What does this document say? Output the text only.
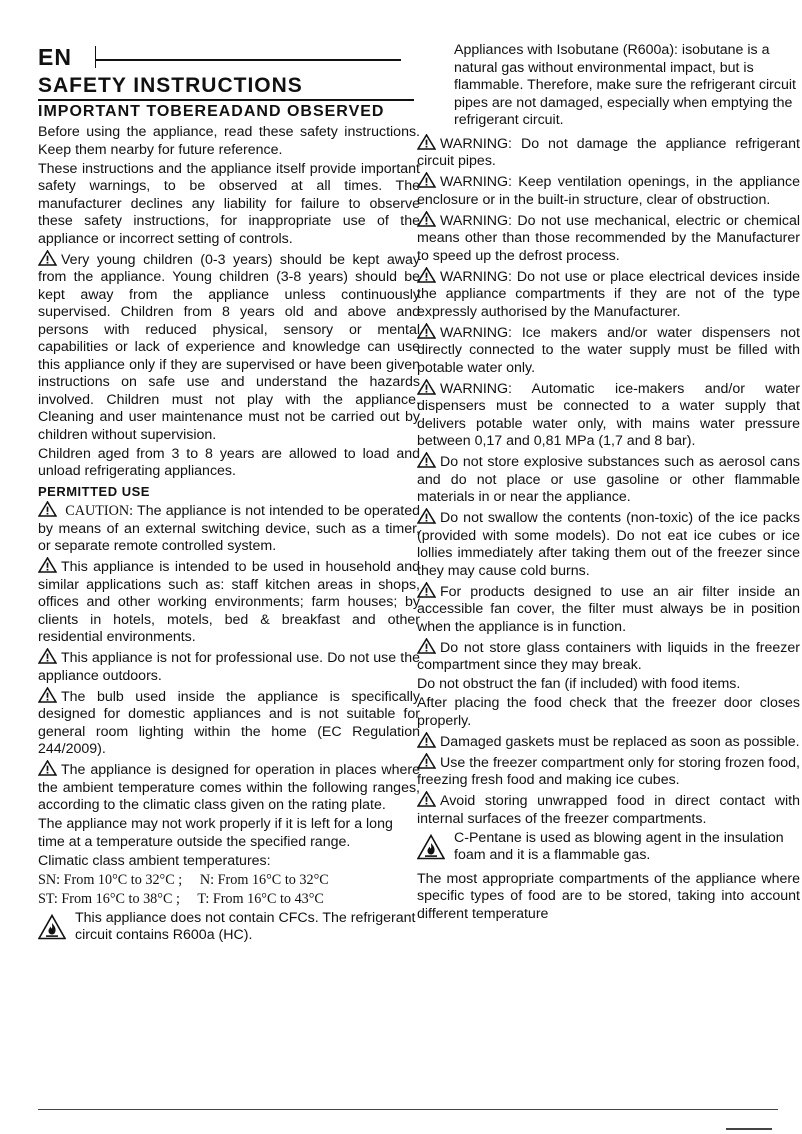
EN
SAFETY INSTRUCTIONS
IMPORTANT TOBEREADAND OBSERVED

Before using the appliance, read these safety instructions. Keep them nearby for future reference.

These instructions and the appliance itself provide important safety warnings, to be observed at all times. The manufacturer declines any liability for failure to observe these safety instructions, for inappropriate use of the appliance or incorrect setting of controls.

Very young children (0-3 years) should be kept away from the appliance. Young children (3-8 years) should be kept away from the appliance unless continuously supervised. Children from 8 years old and above and persons with reduced physical, sensory or mental capabilities or lack of experience and knowledge can use this appliance only if they are supervised or have been given instructions on safe use and understand the hazards involved. Children must not play with the appliance. Cleaning and user maintenance must not be carried out by children without supervision.

Children aged from 3 to 8 years are allowed to load and unload refrigerating appliances.

PERMITTED USE

CAUTION: The appliance is not intended to be operated by means of an external switching device, such as a timer, or separate remote controlled system.

This appliance is intended to be used in household and similar applications such as: staff kitchen areas in shops, offices and other working environments; farm houses; by clients in hotels, motels, bed & breakfast and other residential environments.

This appliance is not for professional use. Do not use the appliance outdoors.

The bulb used inside the appliance is specifically designed for domestic appliances and is not suitable for general room lighting within the home (EC Regulation 244/2009).

The appliance is designed for operation in places where the ambient temperature comes within the following ranges, according to the climatic class given on the rating plate.

The appliance may not work properly if it is left for a long time at a temperature outside the specified range.

Climatic class ambient temperatures:

SN: From 10°C to 32°C ;     N: From 16°C to 32°C

ST: From 16°C to 38°C ;     T: From 16°C to 43°C

This appliance does not contain CFCs. The refrigerant circuit contains R600a (HC).

Appliances with Isobutane (R600a): isobutane is a natural gas without environmental impact, but is flammable. Therefore, make sure the refrigerant circuit pipes are not damaged, especially when emptying the refrigerant circuit.

WARNING: Do not damage the appliance refrigerant circuit pipes.

WARNING: Keep ventilation openings, in the appliance enclosure or in the built-in structure, clear of obstruction.

WARNING: Do not use mechanical, electric or chemical means other than those recommended by the Manufacturer to speed up the defrost process.

WARNING: Do not use or place electrical devices inside the appliance compartments if they are not of the type expressly authorised by the Manufacturer.

WARNING: Ice makers and/or water dispensers not directly connected to the water supply must be filled with potable water only.

WARNING: Automatic ice-makers and/or water dispensers must be connected to a water supply that delivers potable water only, with mains water pressure between 0,17 and 0,81 MPa (1,7 and 8 bar).

Do not store explosive substances such as aerosol cans and do not place or use gasoline or other flammable materials in or near the appliance.

Do not swallow the contents (non-toxic) of the ice packs (provided with some models). Do not eat ice cubes or ice lollies immediately after taking them out of the freezer since they may cause cold burns.

For products designed to use an air filter inside an accessible fan cover, the filter must always be in position when the appliance is in function.

Do not store glass containers with liquids in the freezer compartment since they may break.

Do not obstruct the fan (if included) with food items.

After placing the food check that the freezer door closes properly.

Damaged gaskets must be replaced as soon as possible.

Use the freezer compartment only for storing frozen food, freezing fresh food and making ice cubes.

Avoid storing unwrapped food in direct contact with internal surfaces of the freezer compartments.

C-Pentane is used as blowing agent in the insulation foam and it is a flammable gas.

The most appropriate compartments of the appliance where specific types of food are to be stored, taking into account different temperature
